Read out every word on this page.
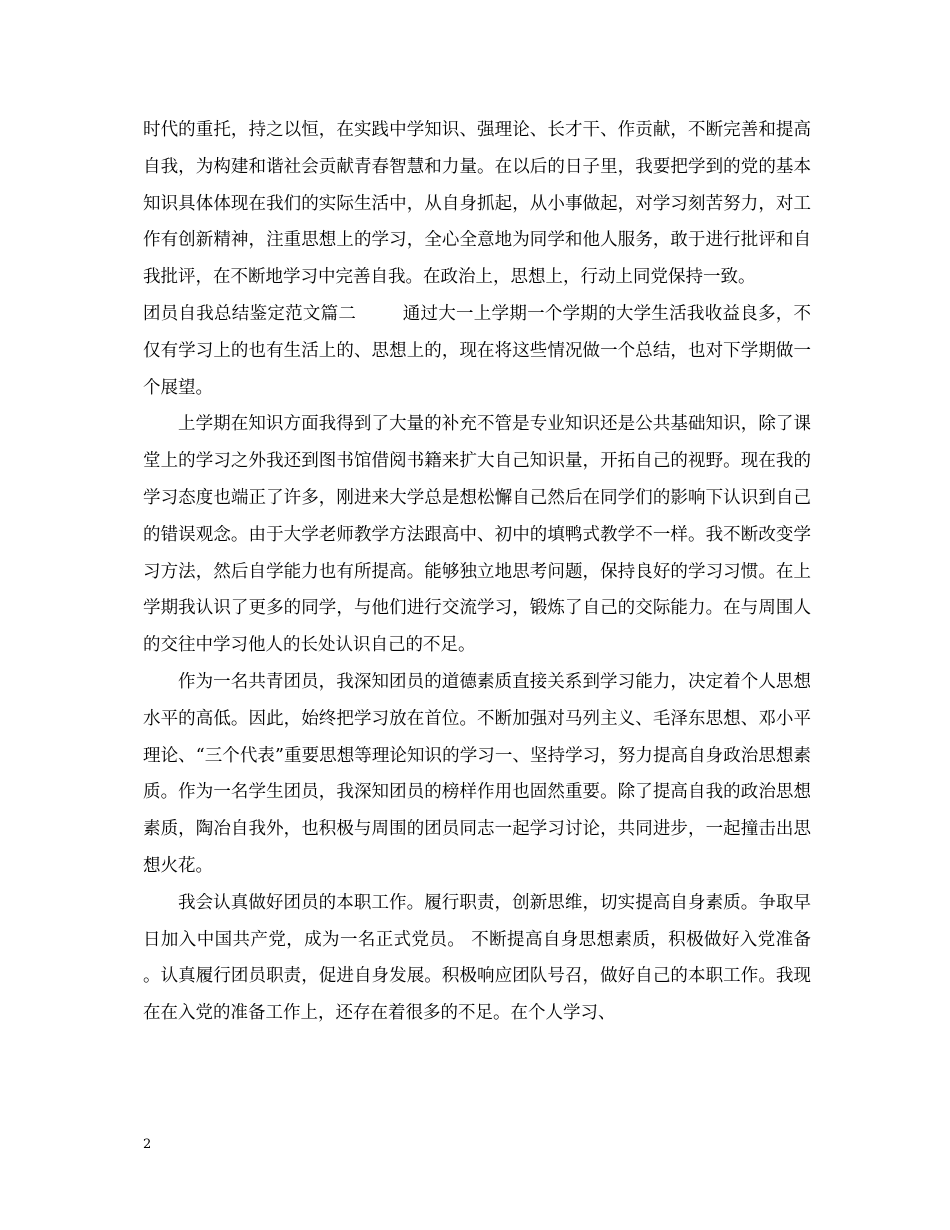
时代的重托，持之以恒，在实践中学知识、强理论、长才干、作贡献，不断完善和提高自我，为构建和谐社会贡献青春智慧和力量。在以后的日子里，我要把学到的党的基本知识具体体现在我们的实际生活中，从自身抓起，从小事做起，对学习刻苦努力，对工作有创新精神，注重思想上的学习，全心全意地为同学和他人服务，敢于进行批评和自我批评，在不断地学习中完善自我。在政治上，思想上，行动上同党保持一致。

团员自我总结鉴定范文篇二	通过大一上学期一个学期的大学生活我收益良多，不仅有学习上的也有生活上的、思想上的，现在将这些情况做一个总结，也对下学期做一个展望。

上学期在知识方面我得到了大量的补充不管是专业知识还是公共基础知识，除了课堂上的学习之外我还到图书馆借阅书籍来扩大自己知识量，开拓自己的视野。现在我的学习态度也端正了许多，刚进来大学总是想松懈自己然后在同学们的影响下认识到自己的错误观念。由于大学老师教学方法跟高中、初中的填鸭式教学不一样。我不断改变学习方法，然后自学能力也有所提高。能够独立地思考问题，保持良好的学习习惯。在上学期我认识了更多的同学，与他们进行交流学习，锻炼了自己的交际能力。在与周围人的交往中学习他人的长处认识自己的不足。

作为一名共青团员，我深知团员的道德素质直接关系到学习能力，决定着个人思想水平的高低。因此，始终把学习放在首位。不断加强对马列主义、毛泽东思想、邓小平理论、“三个代表”重要思想等理论知识的学习一、坚持学习，努力提高自身政治思想素质。作为一名学生团员，我深知团员的榜样作用也固然重要。除了提高自我的政治思想素质，陶冶自我外，也积极与周围的团员同志一起学习讨论，共同进步，一起撞击出思想火花。

我会认真做好团员的本职工作。履行职责，创新思维，切实提高自身素质。争取早日加入中国共产党，成为一名正式党员。 不断提高自身思想素质，积极做好入党准备。认真履行团员职责，促进自身发展。积极响应团队号召，做好自己的本职工作。我现在在入党的准备工作上，还存在着很多的不足。在个人学习、

2
